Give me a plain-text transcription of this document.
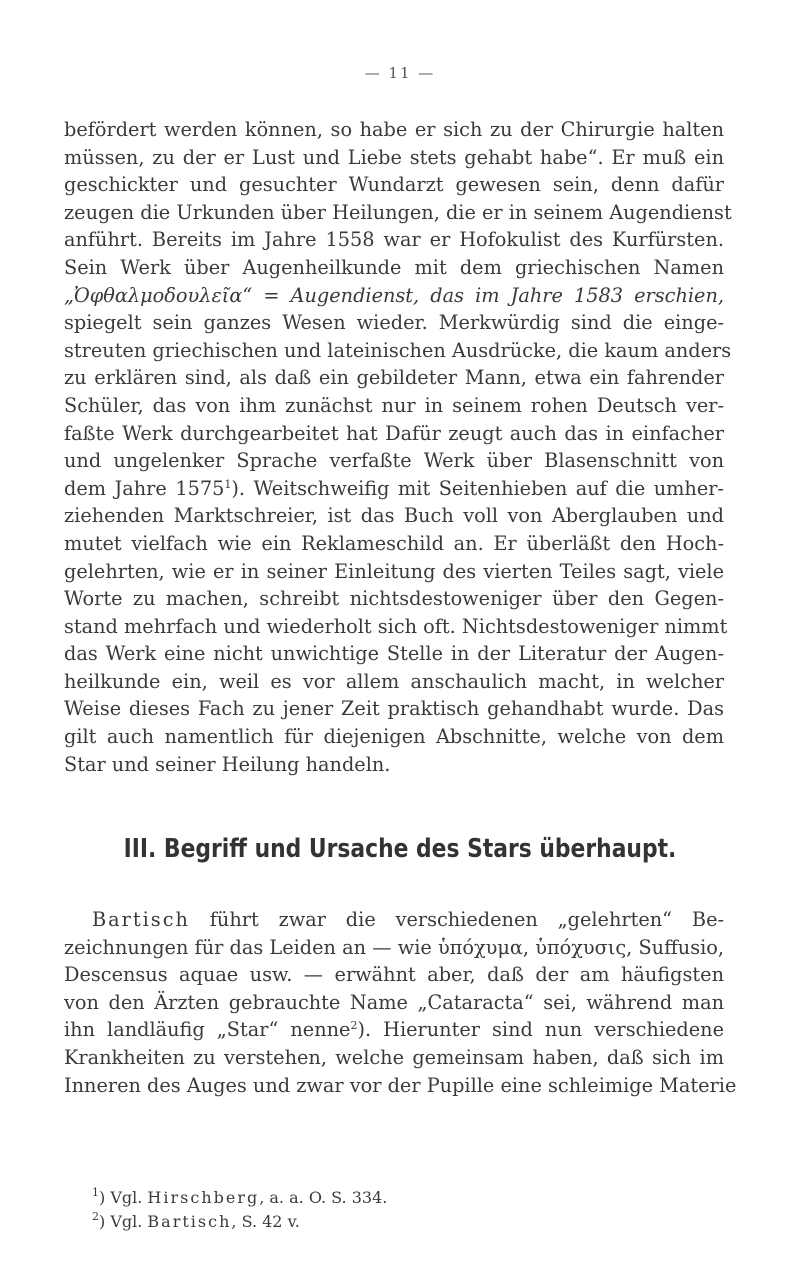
— 11 —
befördert werden können, so habe er sich zu der Chirurgie halten
müssen, zu der er Lust und Liebe stets gehabt habe“. Er muß ein
geschickter und gesuchter Wundarzt gewesen sein, denn dafür
zeugen die Urkunden über Heilungen, die er in seinem Augendienst
anführt. Bereits im Jahre 1558 war er Hofokulist des Kurfürsten.
Sein Werk über Augenheilkunde mit dem griechischen Namen
„Ὀφθαλμοδουλεῖα“ = Augendienst, das im Jahre 1583 erschien,
spiegelt sein ganzes Wesen wieder. Merkwürdig sind die einge-
streuten griechischen und lateinischen Ausdrücke, die kaum anders
zu erklären sind, als daß ein gebildeter Mann, etwa ein fahrender
Schüler, das von ihm zunächst nur in seinem rohen Deutsch ver-
faßte Werk durchgearbeitet hat Dafür zeugt auch das in einfacher
und ungelenker Sprache verfaßte Werk über Blasenschnitt von
dem Jahre 1575$^1$). Weitschweifig mit Seitenhieben auf die umher-
ziehenden Marktschreier, ist das Buch voll von Aberglauben und
mutet vielfach wie ein Reklameschild an. Er überläßt den Hoch-
gelehrten, wie er in seiner Einleitung des vierten Teiles sagt, viele
Worte zu machen, schreibt nichtsdestoweniger über den Gegen-
stand mehrfach und wiederholt sich oft. Nichtsdestoweniger nimmt
das Werk eine nicht unwichtige Stelle in der Literatur der Augen-
heilkunde ein, weil es vor allem anschaulich macht, in welcher
Weise dieses Fach zu jener Zeit praktisch gehandhabt wurde. Das
gilt auch namentlich für diejenigen Abschnitte, welche von dem
Star und seiner Heilung handeln.
III. Begriff und Ursache des Stars überhaupt.
Bartisch führt zwar die verschiedenen „gelehrten“ Be-
zeichnungen für das Leiden an — wie ὑπόχυμα, ὑπόχυσις, Suffusio,
Descensus aquae usw. — erwähnt aber, daß der am häufigsten
von den Ärzten gebrauchte Name „Cataracta“ sei, während man
ihn landläufig „Star“ nenne$^2$). Hierunter sind nun verschiedene
Krankheiten zu verstehen, welche gemeinsam haben, daß sich im
Inneren des Auges und zwar vor der Pupille eine schleimige Materie
$^1$) Vgl. Hirschberg, a. a. O. S. 334.
$^2$) Vgl. Bartisch, S. 42 v.
